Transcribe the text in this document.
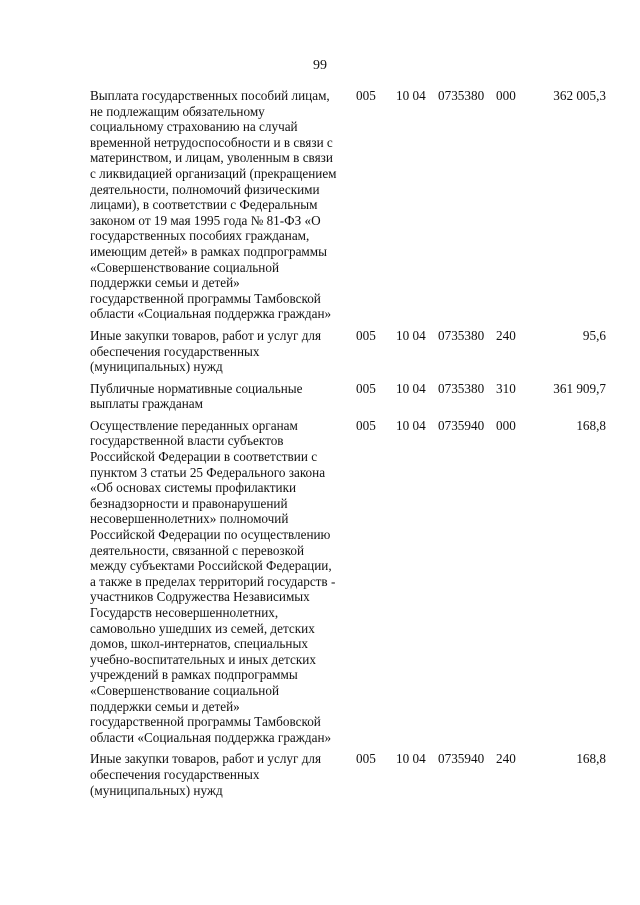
99
Выплата государственных пособий лицам,
не подлежащим обязательному
социальному страхованию на случай
временной нетрудоспособности и в связи с
материнством, и лицам, уволенным в связи
с ликвидацией организаций (прекращением
деятельности, полномочий физическими
лицами), в соответствии с Федеральным
законом от 19 мая 1995 года № 81-ФЗ «О
государственных пособиях гражданам,
имеющим детей» в рамках подпрограммы
«Совершенствование социальной
поддержки семьи и детей»
государственной программы Тамбовской
области «Социальная поддержка граждан»
005	10 04 0735380 000	362 005,3
Иные закупки товаров, работ и услуг для
обеспечения государственных
(муниципальных) нужд
005	10 04 0735380 240	95,6
Публичные нормативные социальные
выплаты гражданам
005	10 04 0735380 310	361 909,7
Осуществление переданных органам
государственной власти субъектов
Российской Федерации в соответствии с
пунктом 3 статьи 25 Федерального закона
«Об основах системы профилактики
безнадзорности и правонарушений
несовершеннолетних» полномочий
Российской Федерации по осуществлению
деятельности, связанной с перевозкой
между субъектами Российской Федерации,
а также в пределах территорий государств -
участников Содружества Независимых
Государств несовершеннолетних,
самовольно ушедших из семей, детских
домов, школ-интернатов, специальных
учебно-воспитательных и иных детских
учреждений в рамках подпрограммы
«Совершенствование социальной
поддержки семьи и детей»
государственной программы Тамбовской
области «Социальная поддержка граждан»
005	10 04 0735940 000	168,8
Иные закупки товаров, работ и услуг для
обеспечения государственных
(муниципальных) нужд
005	10 04 0735940 240	168,8
